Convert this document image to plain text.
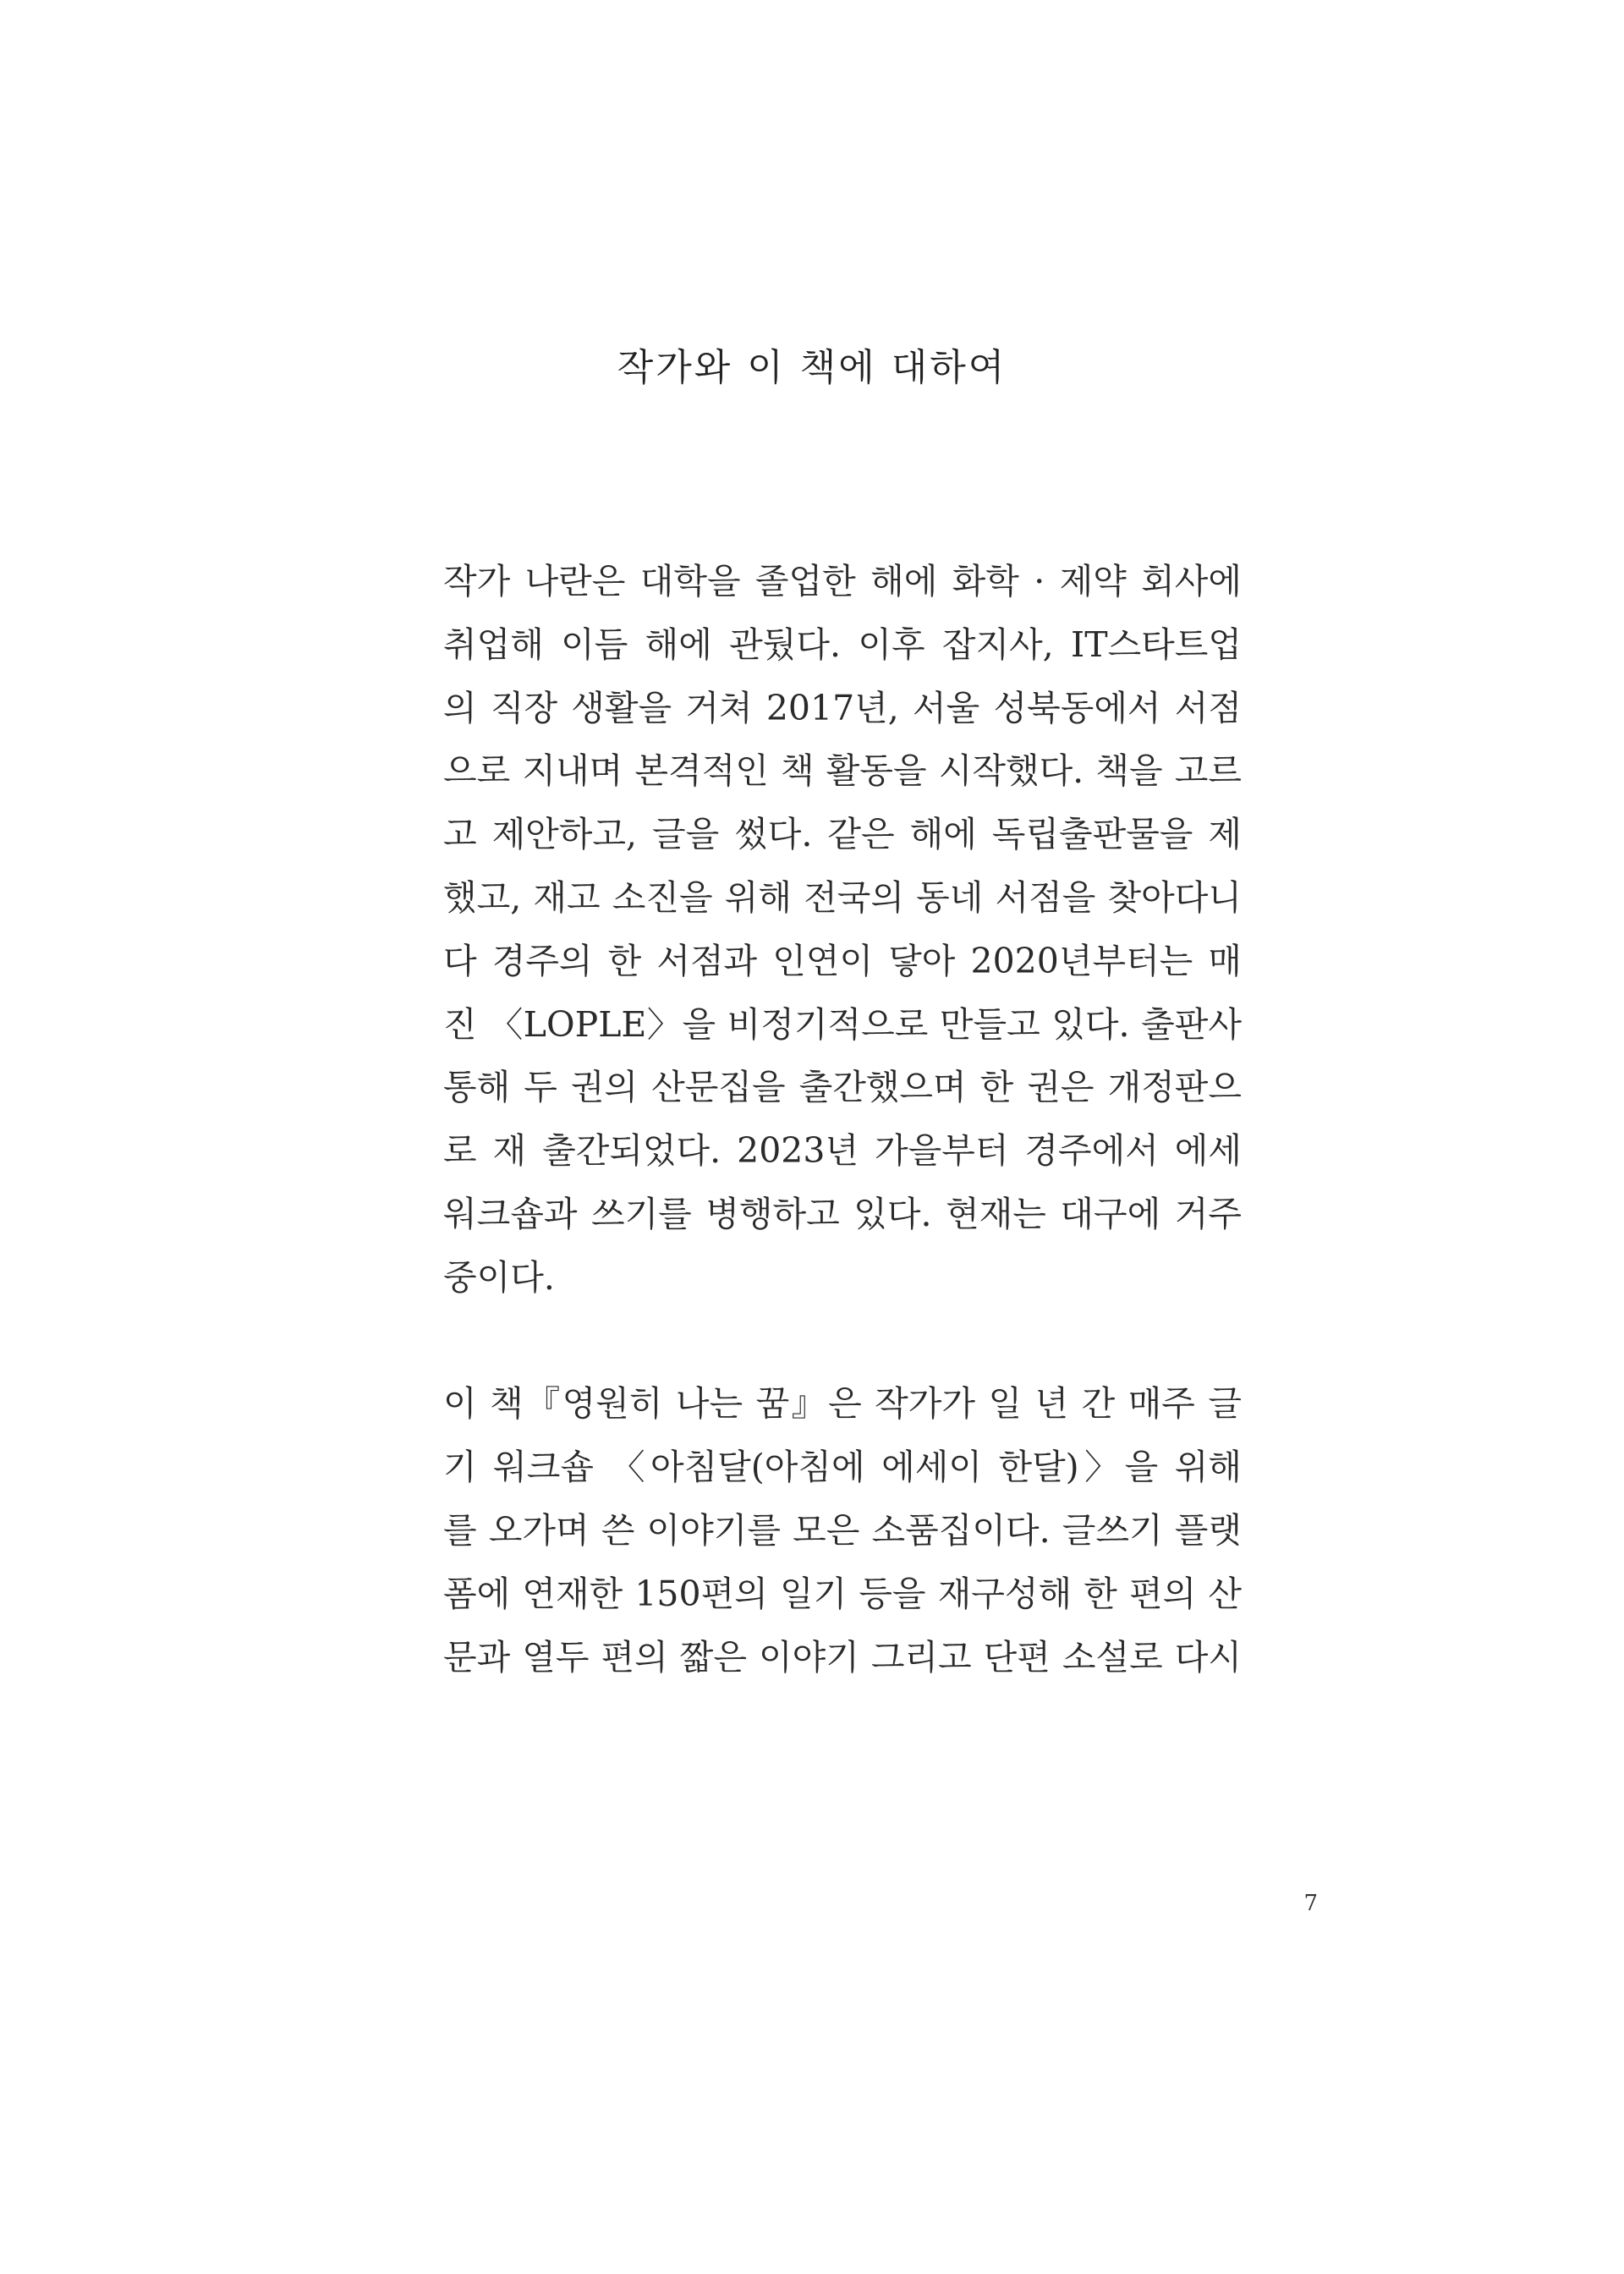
작가와 이 책에 대하여

작가 나란은 대학을 졸업한 해에 화학 · 제약 회사에
취업해 이듬 해에 관뒀다. 이후 잡지사, IT스타트업
의 직장 생활을 거쳐 2017년, 서울 성북동에서 서점
으로 지내며 본격적인 책 활동을 시작했다. 책을 고르
고 제안하고, 글을 썼다. 같은 해에 독립출판물을 제
했고, 재고 소진을 위해 전국의 동네 서점을 찾아다니
다 경주의 한 서점과 인연이 닿아 2020년부터는 매
진 〈LOPLE〉을 비정기적으로 만들고 있다. 출판사
통해 두 권의 산문집을 출간했으며 한 권은 개정판으
로 재 출간되었다. 2023년 가을부터 경주에서 에세
워크숍과 쓰기를 병행하고 있다. 현재는 대구에 거주
중이다.

이 책『영원히 나는 꿈』은 작가가 일 년 간 매주 글
기 워크숍 〈아침달(아침에 에세이 한달)〉을 위해
를 오가며 쓴 이야기를 모은 소품집이다. 글쓰기 플랫
폼에 연재한 150편의 일기 등을 재구성해 한 편의 산
문과 열두 편의 짧은 이야기 그리고 단편 소설로 다시

7
